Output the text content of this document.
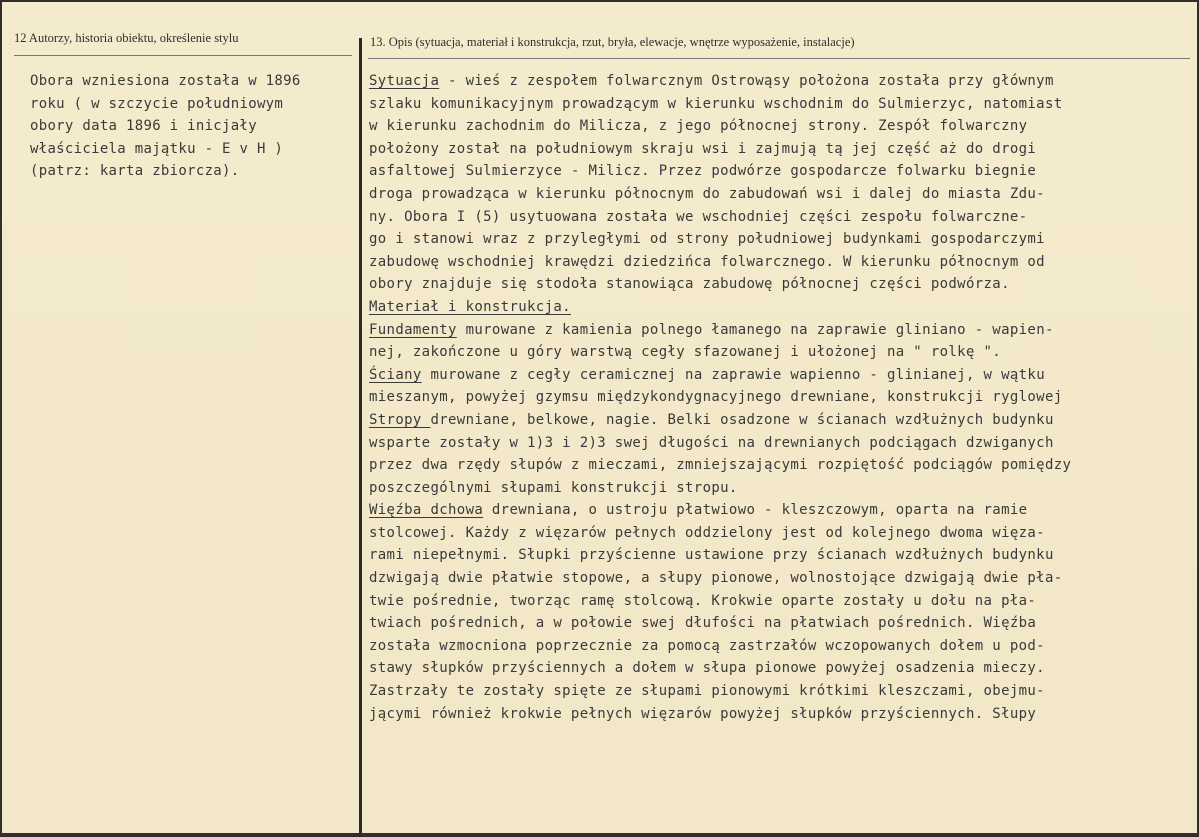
12 Autorzy, historia obiektu, określenie stylu	13. Opis (sytuacja, materiał i konstrukcja, rzut, bryła, elewacje, wnętrze wyposażenie, instalacje)
Obora wzniesiona została w 1896
roku ( w szczycie południowym
obory data 1896 i inicjały
właściciela majątku - E v H )
(patrz: karta zbiorcza).
Sytuacja - wieś z zespołem folwarcznym Ostrowąsy położona została przy głównym
szlaku komunikacyjnym prowadzącym w kierunku wschodnim do Sulmierzyc, natomiast
w kierunku zachodnim do Milicza, z jego północnej strony. Zespół folwarczny
położony został na południowym skraju wsi i zajmują tą jej część aż do drogi
asfaltowej Sulmierzyce - Milicz. Przez podwórze gospodarcze folwarku biegnie
droga prowadząca w kierunku północnym do zabudowań wsi i dalej do miasta Zdu-
ny. Obora I (5) usytuowana została we wschodniej części zespołu folwarczne-
go i stanowi wraz z przyległymi od strony południowej budynkami gospodarczymi
zabudowę wschodniej krawędzi dziedzińca folwarcznego. W kierunku północnym od
obory znajduje się stodoła stanowiąca zabudowę północnej części podwórza.
Materiał i konstrukcja.
Fundamenty murowane z kamienia polnego łamanego na zaprawie gliniano - wapien-
nej, zakończone u góry warstwą cegły sfazowanej i ułożonej na " rolkę ".
Ściany murowane z cegły ceramicznej na zaprawie wapienno - glinianej, w wątku
mieszanym, powyżej gzymsu międzykondygnacyjnego drewniane, konstrukcji ryglowej
Stropy drewniane, belkowe, nagie. Belki osadzone w ścianach wzdłużnych budynku
wsparte zostały w 1)3 i 2)3 swej długości na drewnianych podciągach dzwiganych
przez dwa rzędy słupów z mieczami, zmniejszającymi rozpiętość podciągów pomiędzy
poszczególnymi słupami konstrukcji stropu.
Więźba dchowa drewniana, o ustroju płatwiowo - kleszczowym, oparta na ramie
stolcowej. Każdy z więzarów pełnych oddzielony jest od kolejnego dwoma więza-
rami niepełnymi. Słupki przyścienne ustawione przy ścianach wzdłużnych budynku
dzwigają dwie płatwie stopowe, a słupy pionowe, wolnostojące dzwigają dwie pła-
twie pośrednie, tworząc ramę stolcową. Krokwie oparte zostały u dołu na pła-
twiach pośrednich, a w połowie swej dłufości na płatwiach pośrednich. Więźba
została wzmocniona poprzecznie za pomocą zastrzałów wczopowanych dołem u pod-
stawy słupków przyściennych a dołem w słupa pionowe powyżej osadzenia mieczy.
Zastrzały te zostały spięte ze słupami pionowymi krótkimi kleszczami, obejmu-
jącymi również krokwie pełnych więzarów powyżej słupków przyściennych. Słupy
